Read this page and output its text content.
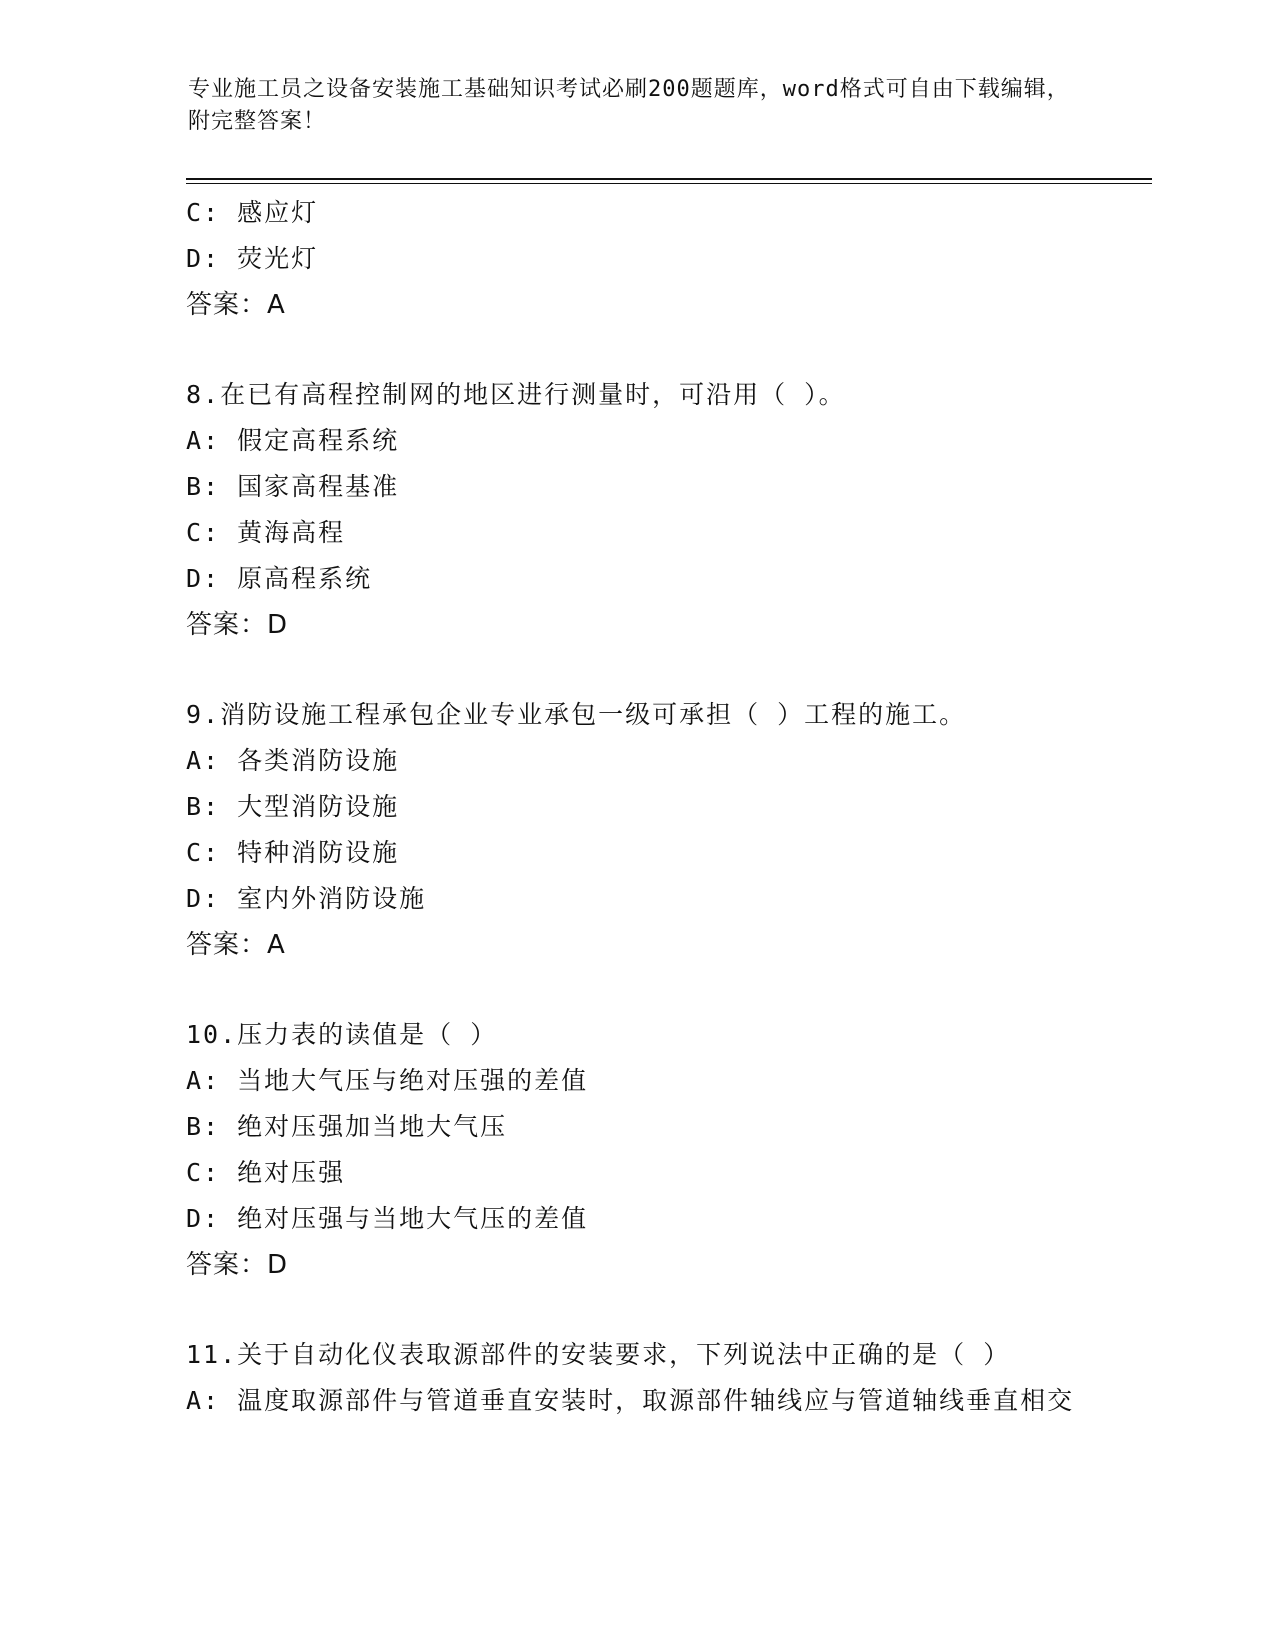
专业施工员之设备安装施工基础知识考试必刷200题题库，word格式可自由下载编辑，附完整答案！
C: 感应灯
D: 荧光灯
答案：A
8.在已有高程控制网的地区进行测量时，可沿用（ ）。
A: 假定高程系统
B: 国家高程基准
C: 黄海高程
D: 原高程系统
答案：D
9.消防设施工程承包企业专业承包一级可承担（ ）工程的施工。
A: 各类消防设施
B: 大型消防设施
C: 特种消防设施
D: 室内外消防设施
答案：A
10.压力表的读值是（ ）
A: 当地大气压与绝对压强的差值
B: 绝对压强加当地大气压
C: 绝对压强
D: 绝对压强与当地大气压的差值
答案：D
11.关于自动化仪表取源部件的安装要求，下列说法中正确的是（ ）
A: 温度取源部件与管道垂直安装时，取源部件轴线应与管道轴线垂直相交
